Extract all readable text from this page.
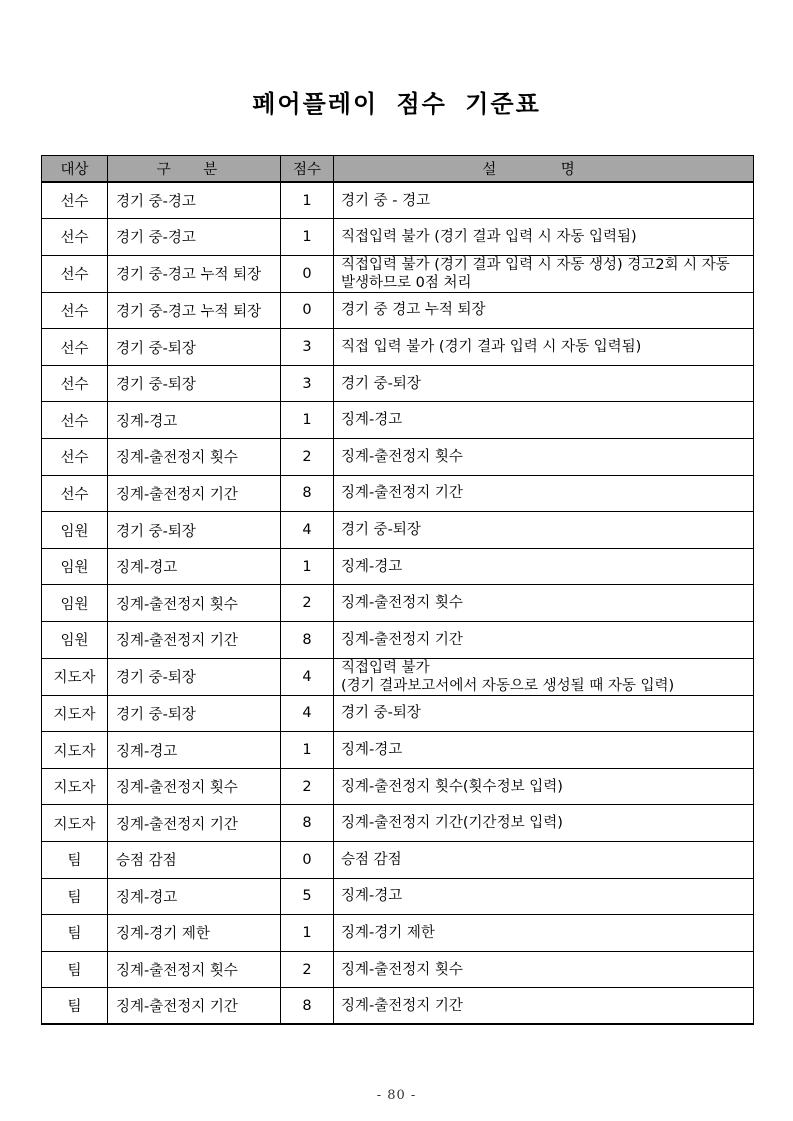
페어플레이 점수 기준표
대상	구 분	점수	설 명
선수	경기 중-경고	1	경기 중 - 경고

선수	경기 중-경고	1	직접입력 불가 (경기 결과 입력 시 자동 입력됨)

선수	경기 중-경고 누적 퇴장	0	직접입력 불가 (경기 결과 입력 시 자동 생성) 경고2회 시 자동 발생하므로 0점 처리

선수	경기 중-경고 누적 퇴장	0	경기 중 경고 누적 퇴장

선수	경기 중-퇴장	3	직접 입력 불가 (경기 결과 입력 시 자동 입력됨)

선수	경기 중-퇴장	3	경기 중-퇴장

선수	징계-경고	1	징계-경고

선수	징계-출전정지 횟수	2	징계-출전정지 횟수

선수	징계-출전정지 기간	8	징계-출전정지 기간

임원	경기 중-퇴장	4	경기 중-퇴장

임원	징계-경고	1	징계-경고

임원	징계-출전정지 횟수	2	징계-출전정지 횟수

임원	징계-출전정지 기간	8	징계-출전정지 기간

지도자	경기 중-퇴장	4	직접입력 불가
(경기 결과보고서에서 자동으로 생성될 때 자동 입력)

지도자	경기 중-퇴장	4	경기 중-퇴장

지도자	징계-경고	1	징계-경고

지도자	징계-출전정지 횟수	2	징계-출전정지 횟수(횟수정보 입력)

지도자	징계-출전정지 기간	8	징계-출전정지 기간(기간정보 입력)

팀	승점 감점	0	승점 감점

팀	징계-경고	5	징계-경고

팀	징계-경기 제한	1	징계-경기 제한

팀	징계-출전정지 횟수	2	징계-출전정지 횟수

팀	징계-출전정지 기간	8	징계-출전정지 기간
- 80 -
